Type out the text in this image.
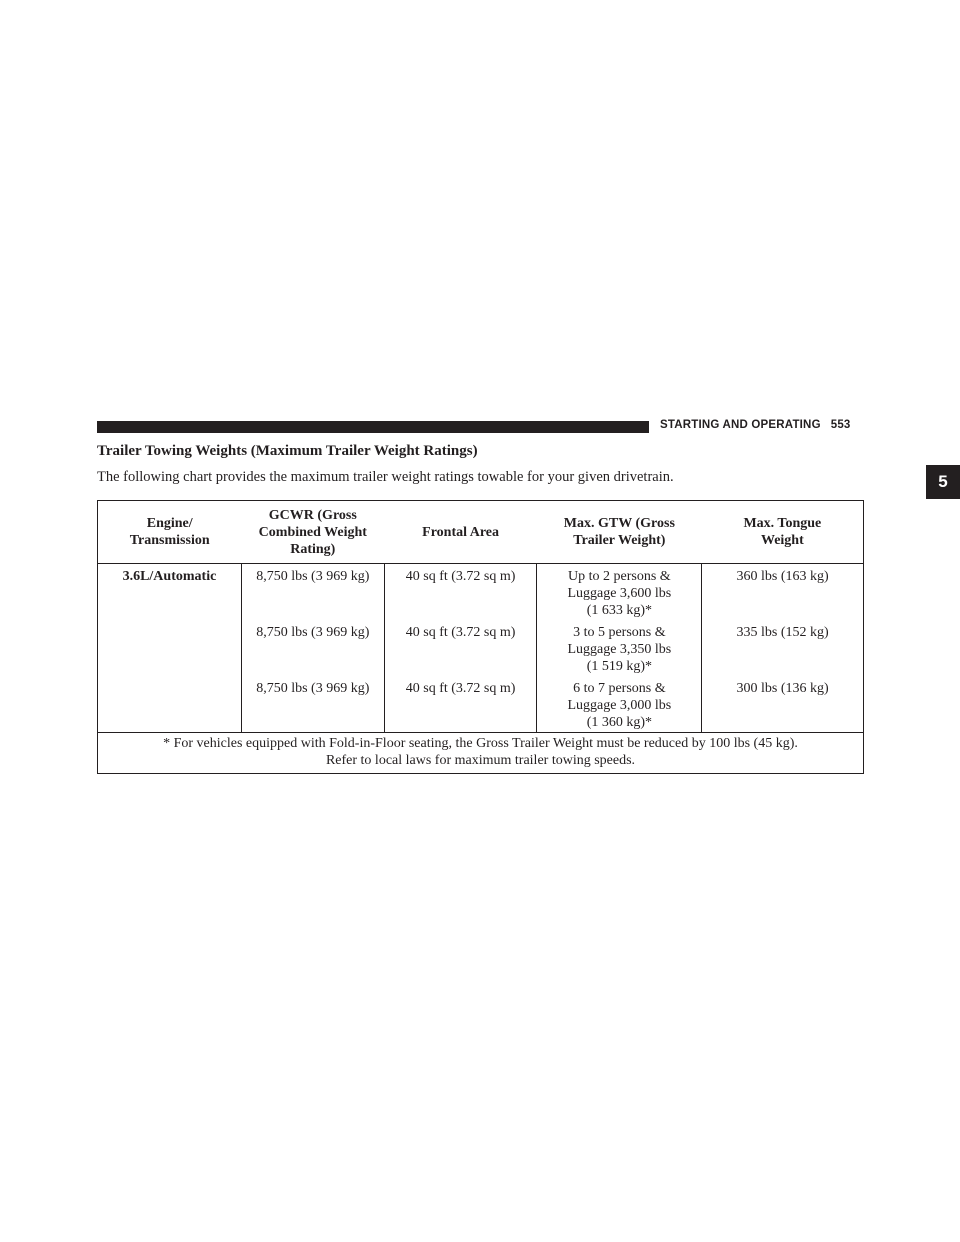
STARTING AND OPERATING 553
5
Trailer Towing Weights (Maximum Trailer Weight Ratings)
The following chart provides the maximum trailer weight ratings towable for your given drivetrain.
Engine/
Transmission	GCWR (Gross
Combined Weight
Rating)	Frontal Area	Max. GTW (Gross
Trailer Weight)	Max. Tongue
Weight

3.6L/Automatic	8,750 lbs (3 969 kg)	40 sq ft (3.72 sq m)	Up to 2 persons &
Luggage 3,600 lbs
(1 633 kg)*	360 lbs (163 kg)
	8,750 lbs (3 969 kg)	40 sq ft (3.72 sq m)	3 to 5 persons &
Luggage 3,350 lbs
(1 519 kg)*	335 lbs (152 kg)
	8,750 lbs (3 969 kg)	40 sq ft (3.72 sq m)	6 to 7 persons &
Luggage 3,000 lbs
(1 360 kg)*	300 lbs (136 kg)

* For vehicles equipped with Fold-in-Floor seating, the Gross Trailer Weight must be reduced by 100 lbs (45 kg).
Refer to local laws for maximum trailer towing speeds.				
